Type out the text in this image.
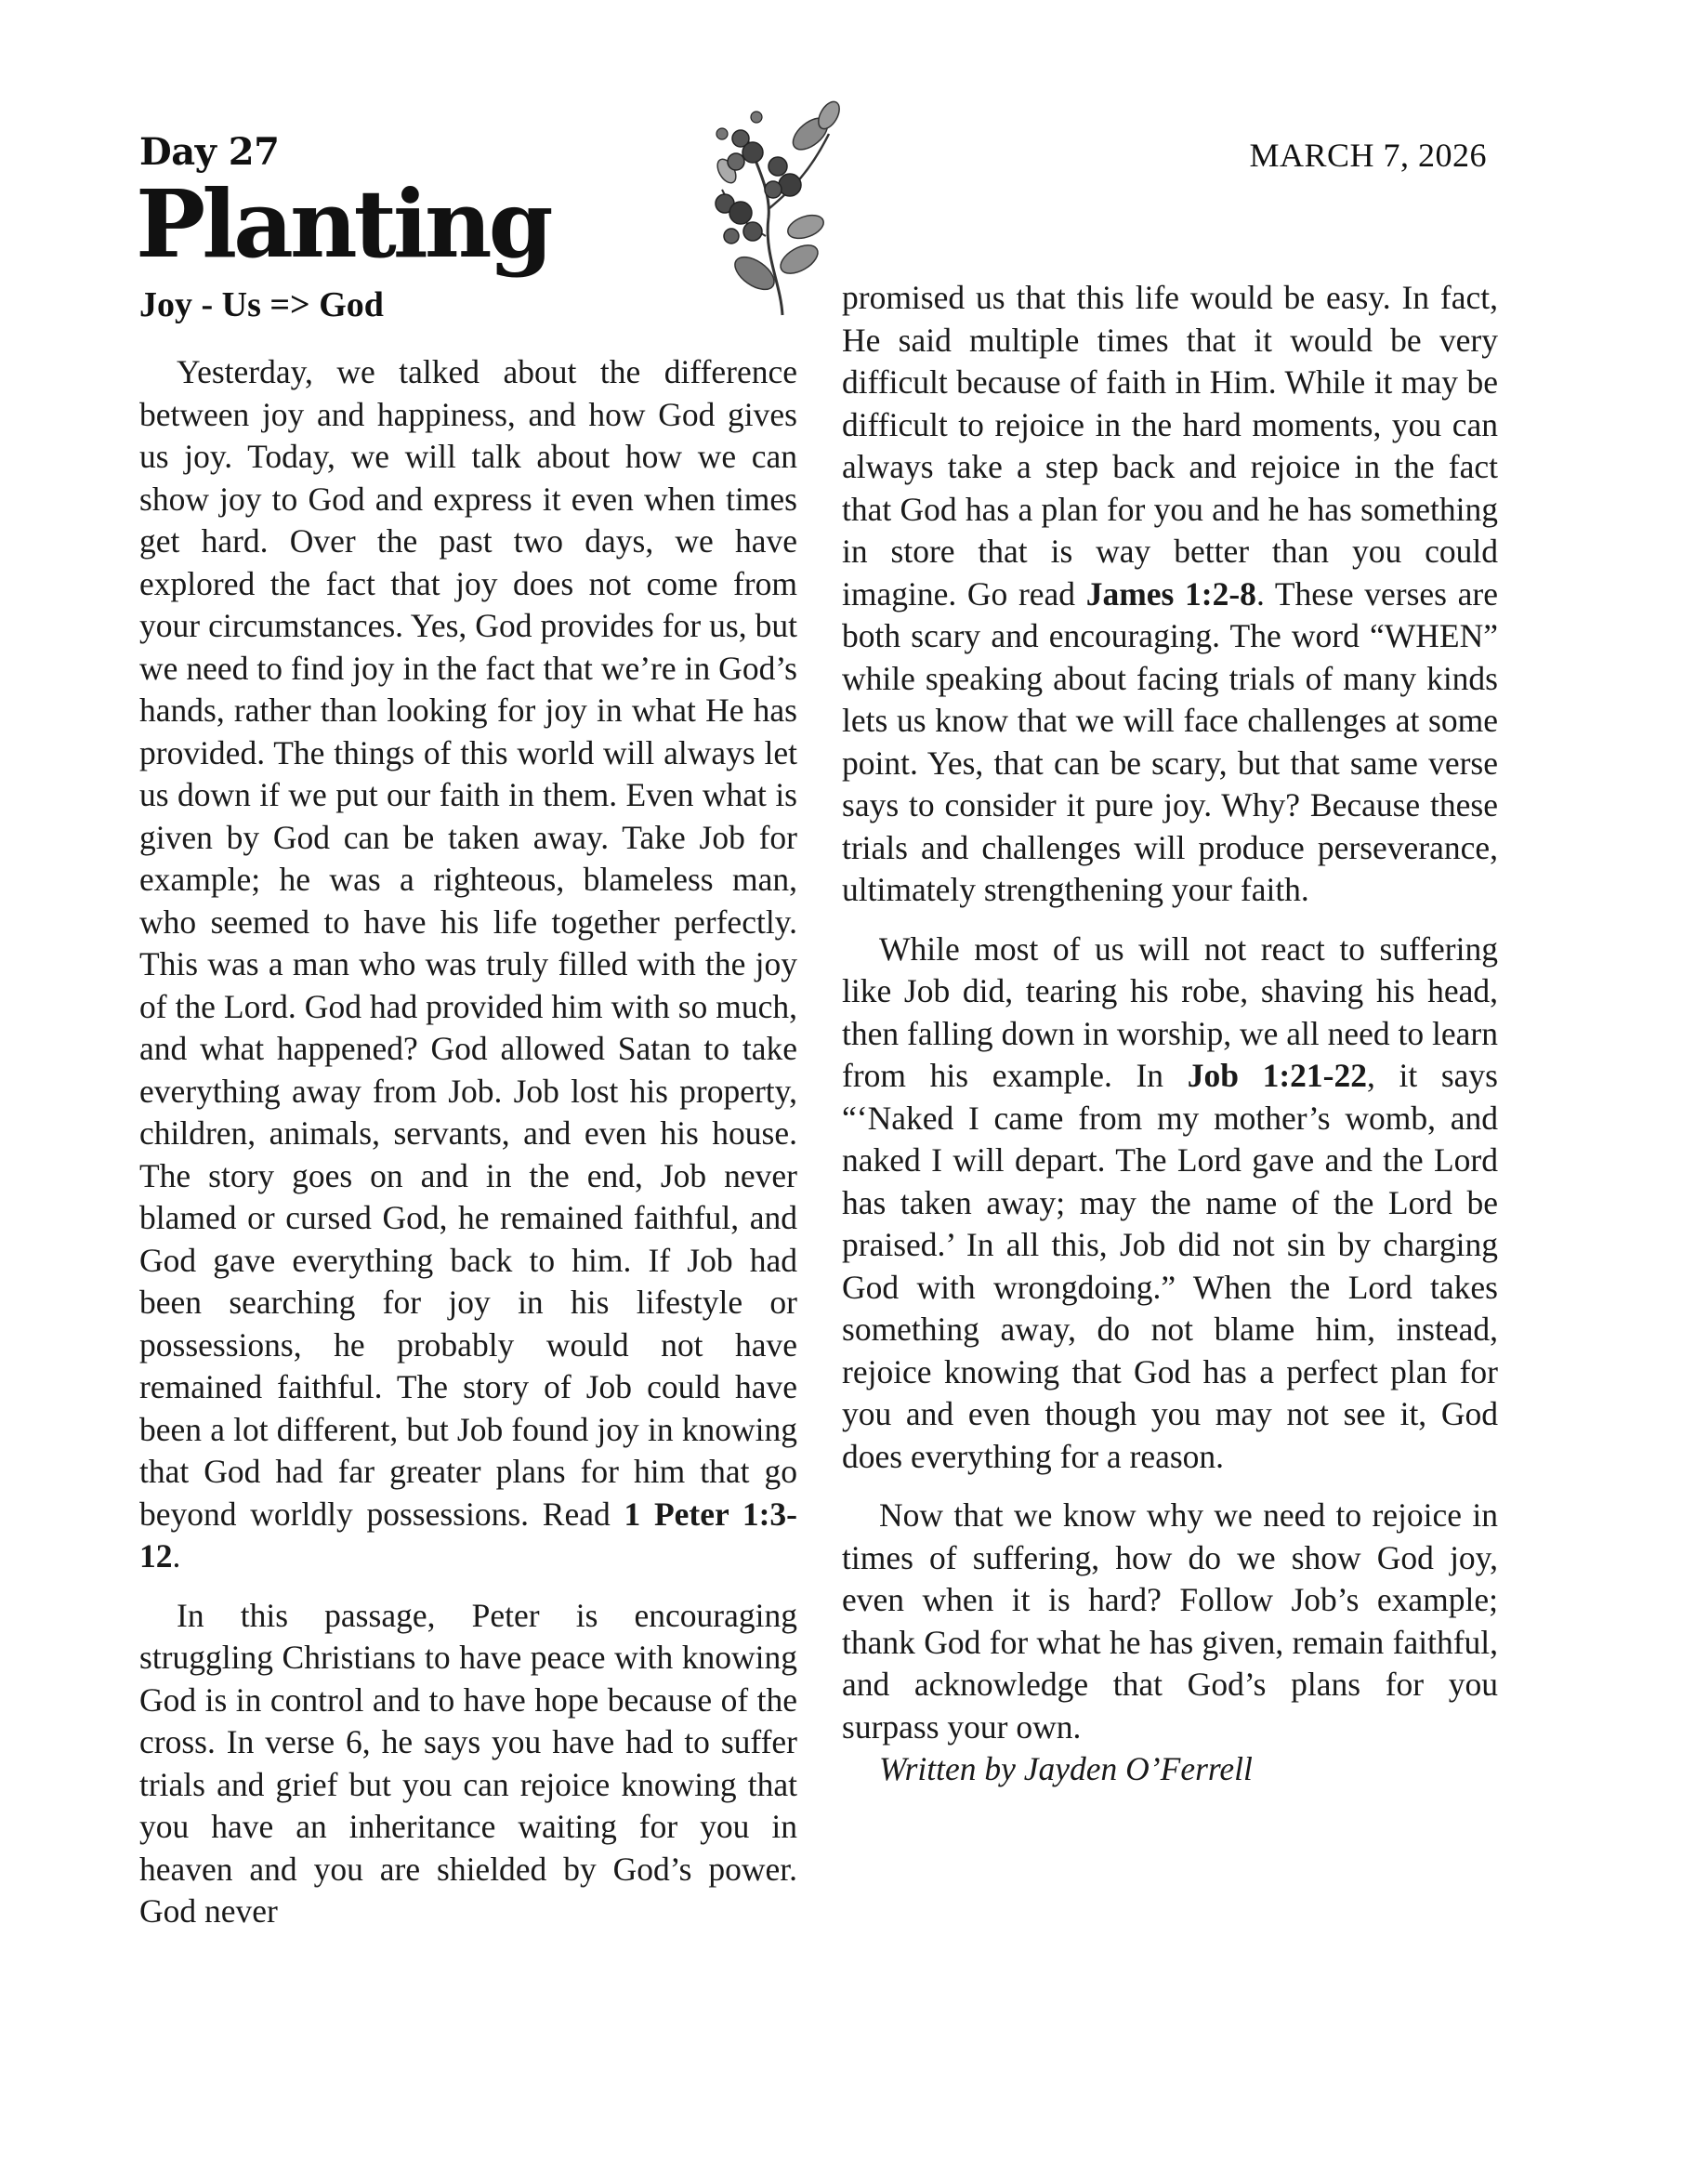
Day 27
Planting
Joy - Us => God
MARCH 7, 2026

Yesterday, we talked about the difference between joy and happiness, and how God gives us joy. Today, we will talk about how we can show joy to God and express it even when times get hard. Over the past two days, we have explored the fact that joy does not come from your circumstances. Yes, God provides for us, but we need to find joy in the fact that we’re in God’s hands, rather than looking for joy in what He has provided. The things of this world will always let us down if we put our faith in them. Even what is given by God can be taken away. Take Job for example; he was a righteous, blameless man, who seemed to have his life together perfectly. This was a man who was truly filled with the joy of the Lord. God had provided him with so much, and what happened? God allowed Satan to take everything away from Job. Job lost his property, children, animals, servants, and even his house. The story goes on and in the end, Job never blamed or cursed God, he remained faithful, and God gave everything back to him. If Job had been searching for joy in his lifestyle or possessions, he probably would not have remained faithful. The story of Job could have been a lot different, but Job found joy in knowing that God had far greater plans for him that go beyond worldly possessions. Read 1 Peter 1:3-12.

In this passage, Peter is encouraging struggling Christians to have peace with knowing God is in control and to have hope because of the cross. In verse 6, he says you have had to suffer trials and grief but you can rejoice knowing that you have an inheritance waiting for you in heaven and you are shielded by God’s power. God never

promised us that this life would be easy. In fact, He said multiple times that it would be very difficult because of faith in Him. While it may be difficult to rejoice in the hard moments, you can always take a step back and rejoice in the fact that God has a plan for you and he has something in store that is way better than you could imagine. Go read James 1:2-8. These verses are both scary and encouraging. The word “WHEN” while speaking about facing trials of many kinds lets us know that we will face challenges at some point. Yes, that can be scary, but that same verse says to consider it pure joy. Why? Because these trials and challenges will produce perseverance, ultimately strengthening your faith.

While most of us will not react to suffering like Job did, tearing his robe, shaving his head, then falling down in worship, we all need to learn from his example. In Job 1:21-22, it says “‘Naked I came from my mother’s womb, and naked I will depart. The Lord gave and the Lord has taken away; may the name of the Lord be praised.’ In all this, Job did not sin by charging God with wrongdoing.” When the Lord takes something away, do not blame him, instead, rejoice knowing that God has a perfect plan for you and even though you may not see it, God does everything for a reason.

Now that we know why we need to rejoice in times of suffering, how do we show God joy, even when it is hard? Follow Job’s example; thank God for what he has given, remain faithful, and acknowledge that God’s plans for you surpass your own.

Written by Jayden O’Ferrell
